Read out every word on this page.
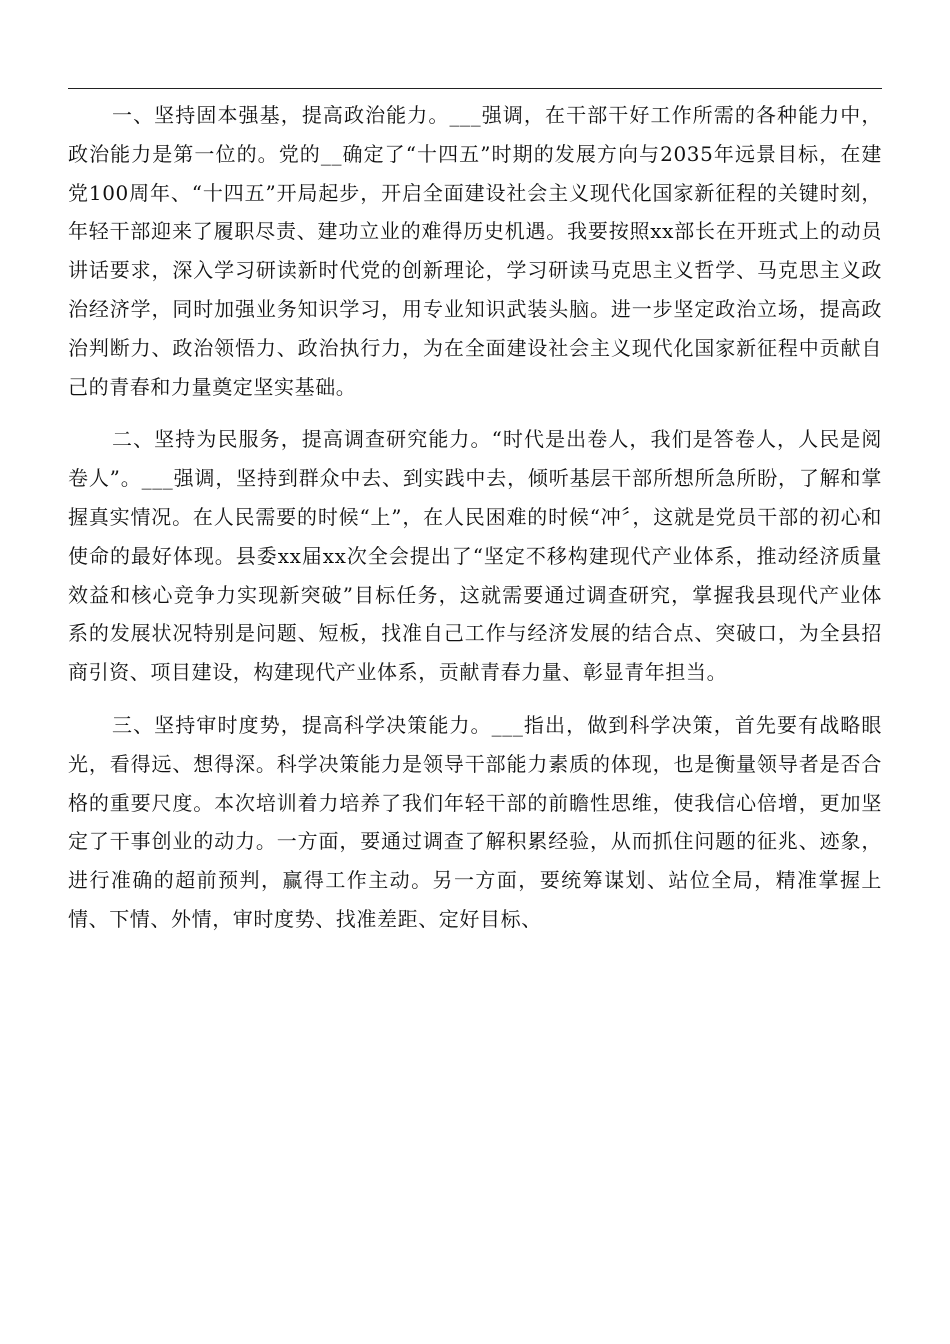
一、坚持固本强基，提高政治能力。___强调，在干部干好工作所需的各种能力中，政治能力是第一位的。党的__确定了“十四五”时期的发展方向与2035年远景目标，在建党100周年、“十四五”开局起步，开启全面建设社会主义现代化国家新征程的关键时刻，年轻干部迎来了履职尽责、建功立业的难得历史机遇。我要按照xx部长在开班式上的动员讲话要求，深入学习研读新时代党的创新理论，学习研读马克思主义哲学、马克思主义政治经济学，同时加强业务知识学习，用专业知识武装头脑。进一步坚定政治立场，提高政治判断力、政治领悟力、政治执行力，为在全面建设社会主义现代化国家新征程中贡献自己的青春和力量奠定坚实基础。

二、坚持为民服务，提高调查研究能力。“时代是出卷人，我们是答卷人，人民是阅卷人”。___强调，坚持到群众中去、到实践中去，倾听基层干部所想所急所盼，了解和掌握真实情况。在人民需要的时候“上”，在人民困难的时候“冲〞，这就是党员干部的初心和使命的最好体现。县委xx届xx次全会提出了“坚定不移构建现代产业体系，推动经济质量效益和核心竞争力实现新突破”目标任务，这就需要通过调查研究，掌握我县现代产业体系的发展状况特别是问题、短板，找准自己工作与经济发展的结合点、突破口，为全县招商引资、项目建设，构建现代产业体系，贡献青春力量、彰显青年担当。

三、坚持审时度势，提高科学决策能力。___指出，做到科学决策，首先要有战略眼光，看得远、想得深。科学决策能力是领导干部能力素质的体现，也是衡量领导者是否合格的重要尺度。本次培训着力培养了我们年轻干部的前瞻性思维，使我信心倍增，更加坚定了干事创业的动力。一方面，要通过调查了解积累经验，从而抓住问题的征兆、迹象，进行准确的超前预判，赢得工作主动。另一方面，要统筹谋划、站位全局，精准掌握上情、下情、外情，审时度势、找准差距、定好目标、
